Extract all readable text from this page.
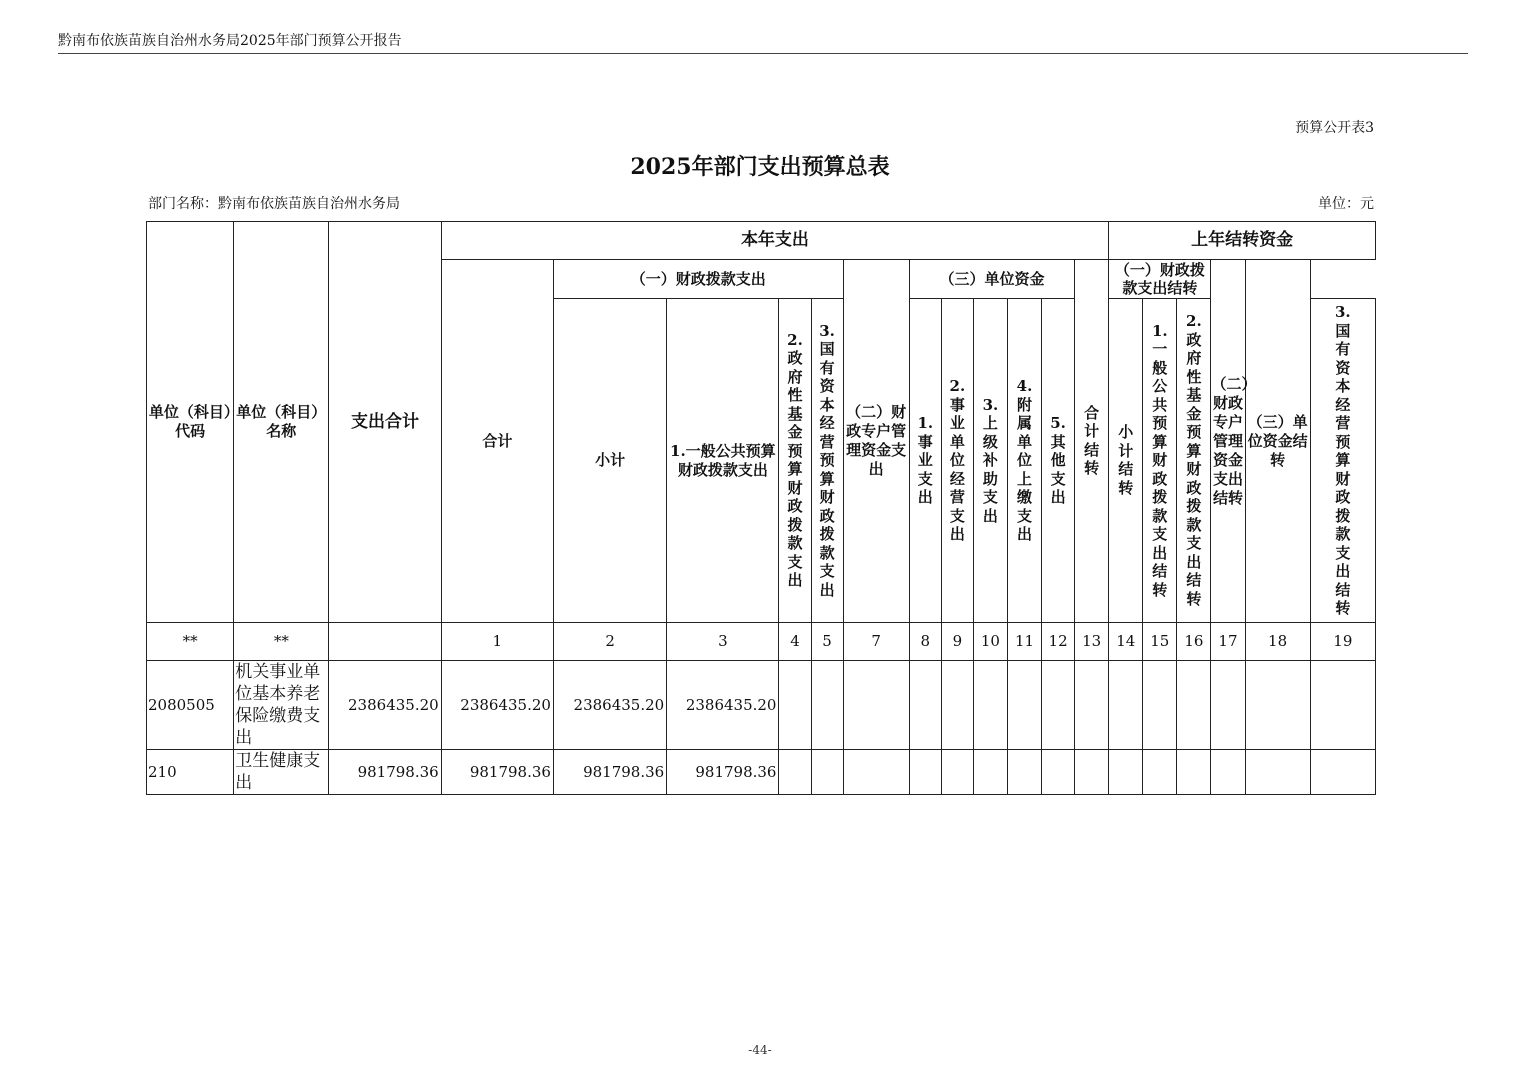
黔南布依族苗族自治州水务局2025年部门预算公开报告
预算公开表3
2025年部门支出预算总表
部门名称：黔南布依族苗族自治州水务局	单位：元
单位（科目）代码	单位（科目）名称	支出合计	本年支出												上年结转资金					
			合计	（一）财政拨款支出				（二）财政专户管理资金支出	（三）单位资金					合计结转	（一）财政拨款支出结转			（二）财政专户管理资金支出结转	（三）单位资金结转	
				小计	1.一般公共预算财政拨款支出	2.政府性基金预算财政拨款支出	3.国有资本经营预算财政拨款支出		1.事业支出	2.事业单位经营支出	3.上级补助支出	4.附属单位上缴支出	5.其他支出		小计结转	1.一般公共预算财政拨款支出结转	2.政府性基金预算财政拨款支出结转			3.国有资本经营预算财政拨款支出结转
**	**		1	2	3	4	5	7	8	9	10	11	12	13	14	15	16	17	18	19
2080505	机关事业单位基本养老保险缴费支出	2386435.20	2386435.20	2386435.20	2386435.20															
210	卫生健康支出	981798.36	981798.36	981798.36	981798.36															
-44-
